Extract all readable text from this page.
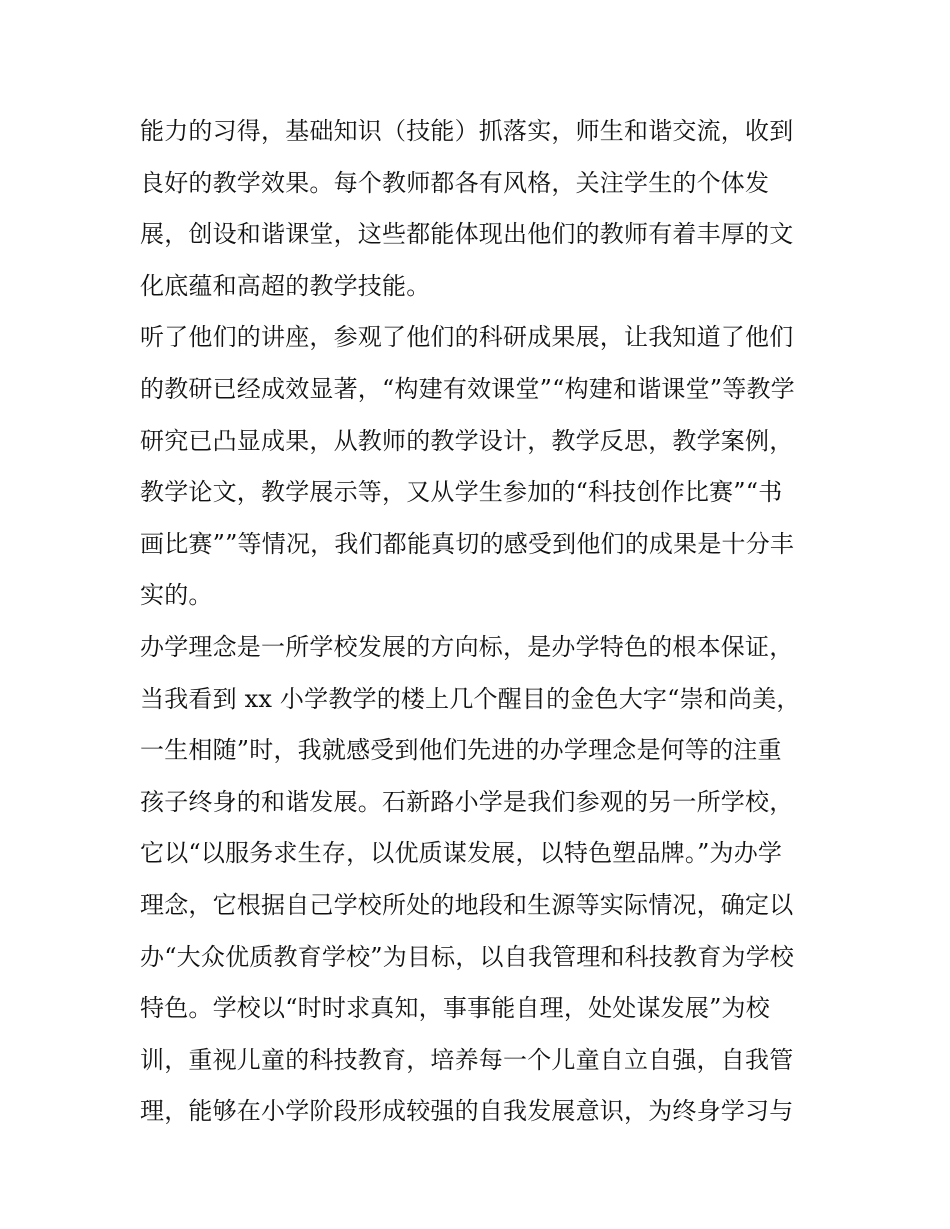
能力的习得，基础知识（技能）抓落实，师生和谐交流，收到
良好的教学效果。每个教师都各有风格，关注学生的个体发
展，创设和谐课堂，这些都能体现出他们的教师有着丰厚的文
化底蕴和高超的教学技能。
听了他们的讲座，参观了他们的科研成果展，让我知道了他们
的教研已经成效显著，“构建有效课堂”“构建和谐课堂”等教学
研究已凸显成果，从教师的教学设计，教学反思，教学案例，
教学论文，教学展示等，又从学生参加的“科技创作比赛”“书
画比赛””等情况，我们都能真切的感受到他们的成果是十分丰
实的。
办学理念是一所学校发展的方向标，是办学特色的根本保证，
当我看到 xx 小学教学的楼上几个醒目的金色大字“崇和尚美，
一生相随”时，我就感受到他们先进的办学理念是何等的注重
孩子终身的和谐发展。石新路小学是我们参观的另一所学校，
它以“以服务求生存，以优质谋发展，以特色塑品牌。”为办学
理念，它根据自己学校所处的地段和生源等实际情况，确定以
办“大众优质教育学校”为目标，以自我管理和科技教育为学校
特色。学校以“时时求真知，事事能自理，处处谋发展”为校
训，重视儿童的科技教育，培养每一个儿童自立自强，自我管
理，能够在小学阶段形成较强的自我发展意识，为终身学习与
